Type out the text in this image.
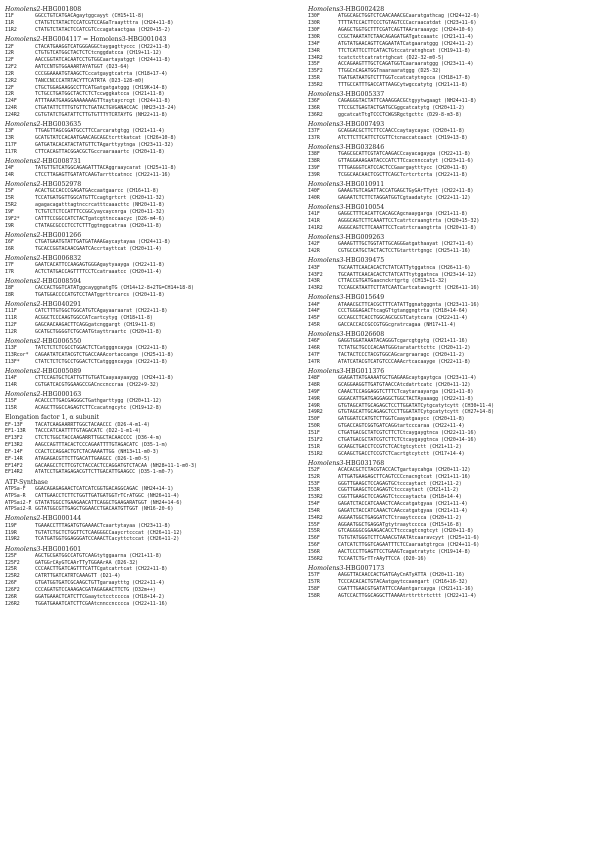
Homolens2-HBG001808
I1F	GGCCTGTCATGACAgaytggcayyt (CH15+11-8)
I1R	CTATGTCTATACTCCATCGTCCAGaTraaytttra (CH24+11-8)
I1R2	CTATGTCTATACTCCATCGTCccagataactgaa (CH20+15-2)
Homolens2-HBG004117 = Homolens3-HBG001043
I2F	CTACATGAAGGTCATGGGAGGCtaygagttyccc (CH22+11-8)
I2R	CTGTGTCATGGCTACTCTCtcnggdatcca (CH19+11-12)
I2F	AACCGGTATCACAATCCTGTGGCaartayatggt (CH24+11-8)
I2F2	AATCCNTGTGGAAARTAYATGGT (D23-64)
I2R	CCCGGAAAATGTAAGCTCccatgaygtcatrta (CH18+17-4)
I2R2	TANCCNCCCATRTACYTTCATRTA (D23-128-m0)
I2F	CTGCTGGAGAAGGCCTTCATGatgatgatggg (CH19K+14-8)
I2R	TCTGCCTGATGGCTACTCTCTccwggkatcca (CH21+11-8)
I24F	ATTTAAATGAAGGAAAAAAAGTTtaytaycrcgt (CH24+11-8)
I24R	CTGATATTCTTTGTGTTCTGATACTGVGANACCAC (NH23+13-24)
I24R2	CGTGTATCTGATATTCTTGTGTTTYTCRTAYTG (NH22+11-8)
Homolens2-HBG003635
I3F	TTGAGTTAGCGGATGCCTTCCarcaratgtgg (CH21+11-4)
I3R	GCATGTATCCACAATGAACAGCAGCtcrttkatcat (CH26+10-8)
I17F	GATGATACACATACTATGTTCTAgarttyytnga (CH23+11-32)
I17R	CTTCACAGTTACGGACGCTGccraaraaartc (CH20+11-8)
Homolens2-HBG008731
I4F	TATGTTGTCATGGCAGAGATTTACAggraaycarat (CH25+11-8)
I4R	CTCCTTAGAGTTGATATCAAGTarrttcatncc (CH22+11-16)
Homolens2-HBG052978
I5F	ACACTGCCACCCGAGATGAccaatgaarcc (CH16+11-8)
I5R	TCCATGATGGTTGGCATGTTCcagtgrtcrt (CH20+11-32)
I5R2	agagacagatttagtnccrcatttcaaacttc (NH20+11-8)
I9F	TCTGTCTCTCCATTTCCGGCyaycaycnrga (CH20+11-32)
I9F2*	CATTTCCGGCCATCTACTgatcgttnccaacyc (D26-m4-6)
I9R	CTATAGCGCCCTCCTCTTTggtnggcatraa (CH20+11-8)
Homolens2-HBG001266
I6F	CTGATGAATGTATTGATGATAAAGaycaytayaa (CH24+11-8)
I6R	TGCACCGGTACAACGAATCAccrtayttcat (CH20+11-4)
Homolens2-HBG006832
I7F	GAATCACATTCCAAGAGTGGGAgaytyaayga (CH22+11-8)
I7R	ACTCTATGACCAGTTTTCCTCcatraaatcc (CH20+11-4)
Homolens2-HBG008594
I8F	CACCACTGGTCATATggcayggnatgTG (CH14+12-8+2TG=CH14+18-8)
I8R	TGATGGACCCCATGTCCTAATggrttrcarcs (CH20+11-8)
Homolens2-HBG040291
I11F	CATCTTTGTGGCTGGCATGTCAgayaaraarat (CH22+11-8)
I11R	ACGGCTCCCAAGTGGCCATcartcytyg (CH18+11-8)
I12F	GAGCAACAAGACTTCAGGgatcnggargt (CH19+11-8)
I12R	GCATGCTGGGGTCTGCAATGtayttraartc (CH20+11-8)
Homolens2-HBG006550
I13F	TATCTCTCTCGCCTGGACTCTCatgggncayga (CH22+11-8)
I13Rcor*	CAGAATATCATACGTCTGACCAAAcortaccange (CH25+11-8)
I13F*	CTATCTCTCTGCCTGGACTCTCatgggncayga (CH22+11-8)
Homolens2-HBG005089
I14F	CTTCCAGTGCTCATTGTTGTGATCaayaayaaygg (CH24+11-8)
I14R	CGTGATCACGTGGAAGCCGACnccnccraa (CH22+9-32)
Homolens2-HBG000163
I15F	ACACCCTTGACGAGGGCTGathgarttygg (CH20+11-12)
I15R	ACAGCTTGGCCAGAGTCTTCcacatngcytc (CH19+12-8)
Elongation factor 1, α subunit
EF-13F	TACATCAAGAARRTTGGCTACAACCC (D26-4-m1-4)
EF1-13R	TACCCATCAATTTTGTAGACATC (D22-1-m1-4)
EF13F2	CTCTCTGGCTACCAAGARRTTGGCTACAACCCC (D36-4-m)
EF13R2	AAGCCAGTTTACACTCCCAGAATTTTGTAGACATC (D35-1-m)
EF-14F	CCACTCCAGGACTGTCTACAAAATTGG (NH13+11-m0-3)
EF-14R	ATAGAGACGTTCTTGACATTGAAGCC (D26-1-m0-5)
EF14F2	GACAAGCCTCTTCGTCTACCACTCCAGGATGTCTACAA (NH28+11-1-m0-3)
EF14R2	ATATCCTGATAGAGACGTTCTTGACATTGAAGCC (D35-1-m0-7)
ATP-Synthase
ATPSa-F	GGACAGAGAGAACTCATCATCGGTGACAGGCAGAC (NH24+14-1)
ATPSa-R	CATTGAACCTCTTCTGGTTGATGATGGTrTCrATGGC (NH26+11-4)
ATPSai2-F GTATATGGCCTGAAGAACATTCAGGCTGAAGARATGGT (NH24+14-6)
ATPSai2-R GGTATGGCGTTGAGCTGGAACCTGACAATGTTGGT (NH16-20-6)
Homolens2-HBG000144
I19F	TGAAACCTTTAGATGTGAAAACTcaartytayaa (CH23+11-8)
I19R	TGTATCTGCTCTGGTTCTCAAGGGCCaaycrtcccat (CH26+11-12)
I19R2	TCATGATGGTGGAGGGATCCAAACTCacyttctccat (CH26+11-2)
Homolens3-HBG001601
I25F	AGCTGCGATGGCCATGTCAAGtytggaarna (CH21+11-8)
I25F2	GATGGrCAyGTCAArTTyTGGAArAA (D26-32)
I25R	CCCAACTTGATCAGTTTCATTCgatcatrtcat (CH22+11-8)
I25R2	CATRTTGATCATRTCAAAGTT (D21-4)
I26F	GTGATGGTGATCGCAAGCTGTTgaraaytttg (CH22+11-4)
I26F2	CCCAGATGTCCAAAGACGATAGAGAACTTCTG (D32m++)
I26R	GGATGAAACTCATCTTCGaaytctcctcccca (CH18+14-2)
I26R2	TGGATGAAATCATCTTCGAAtcnnccncccca (CH22+11-16)
Homolens3-HBG002428
I30F	ATGGCAGCTGGTCTCAACAAACGCaaratgathcag (CH24+12-6)
I30R	TTTTATCCACTTCCCTGTAGTCCCacraacatdat (CH23+11-6)
I30F	AGAGCTGGTGCTTTCGATCAGTTAAraraaaygc (CH24+10-6)
I30R	CCGCTAAATATCTAACAGAGATGATgatcaaatc (CH21+11-4)
I34F	ATGTATGAACAGTTCAGAATATCatgaaratggg (CH24+11-2)
I34R	TTCTCATTCCTTCATACTGtccatratnghcat (CH19+11-8)
I34R2	tcatctcttcatratrtghcat (D22-32-m0-5)
I35F	ACCAGAAGTTTGCTCAGATGGTCaaraaratggg (CH23+11-4)
I35F2	TTGGCnCAGATGGTnaaraaratggg (D25-32)
I35R	TGATGATAATGTCTTTGGTccatcatytngcca (CH18+17-8)
I35R2	TTTGCCATTTGACCATTAAGCytwgccatytg (CH21+11-8)
Homolens3-HBG005337
I36F	CAGAGGGTACTATTCAAAGGACGCtgyytwgaagt (NH24+11-8)
I36R	TTCCGCTGAGTACTGATGCGggcatcatytg (CH20+11-2)
I36R2	ggcatcatTtgTCCCTCWGSRgctgcttc (D29-8-m3-8)
Homolens3-HBG007493
I37F	GCAGGACGCTTCTTCCAACCcaytaycayac (CH20+11-8)
I37R	ATCTTCTTCATTCTCGTTCtcnaccatcaact (CH19+13-8)
Homolens3-HBG032846
I38F	TGAGCGCATTCGTATCAAGACCcayacagayga (CH22+11-8)
I38R	GTTAGGAAAGAATACCCATCTTCcacnnccatyt (CH23+11-6)
I39F	TTTGAGGGTCATCCACTCCGaargaytttycc (CH20+11-8)
I39R	TCGGCAACAACTCGCTTCAGCTcrtcrtcrta (CH22+11-8)
Homolens3-HBG010911
I40F	GAAAGTGTCAGATTACCATGAGCTGyGArTTytt (CH22+11-8)
I40R	GAGAATCTCTTCTAGGATGGTCgtaadatytc (CH22+11-12)
Homolens3-HBG010054
I41F	GAGGCTTTCACATTCACAGCAgcnaaygarga (CH21+11-8)
I41R	AGGGCAGTCTTCAAATTCCTcatrtcraangtrta (CH20+15-32)
I41R2	AGGGCAGTCTTCAAATTCCTcatrtcraangtrta (CH20+11-8)
Homolens3-HBG009263
I42F	GAAAGTTTGCTGGTATTGCAGGGatgathaayat (CH27+11-6)
I42R	CGTGCCATGCTACTACTCCTGtarttrtgngc (CH25+11-16)
Homolens3-HBG039475
I43F	TGCAATTCAACACACTCTATCATTytggatnca (CH26+11-6)
I43F2	TGCAATTCAACACACTCTATCATTtytggatnca (CH23+14-12)
I43R	CTTACCGTGATGaacnckrtgrtg (CH13+11-32)
I43R2	TCCAGCATAATTCTTATCAATCartcatawsgrtt (CH26+11-16)
Homolens3-HBG015649
I44F	ATAAACGCTTCACGCTTTCATATTggnatgggnta (CH23+11-16)
I44F	CCCTGGGAGACTtcagGTtgtanggngtrta (CH18+14-64)
I45F	GCCAGCCTCACCTGGCAGCGCGTCatytcara (CH22+11-4)
I45R	GACCACCACCGCCGTGGcgratrcagaa (NH17+11-4)
Homolens3-HBG026608
I46F	GAGGTGGATAAATACAGGGTcgarcgtgytg (CH21+11-16)
I46R	TCTATGCTGCCCACAATGGGtaratarttcttc (CH20+11-2)
I47F	TACTACTCCCTACGTGGCAGcargraaragc (CH20+11-2)
I47R	ATATCATACGTCATGTCCCAAAcrtcacaayge (CH22+11-8)
Homolens3-HBG011376
I48F	GGAGATTATGAAAATGCTGAGAAGcaytgaytgca (CH23+11-4)
I48R	GCAGGAAGGTTGATGTAACCAtcdatrtcatc (CH20+11-12)
I49F	CAAACTCCAGGAGGTCTTTCTcaytaraayarga (CH21+11-8)
I49R	GGGACATTGATGAGGAGGCTGGCTACTAyaaagg (CH22+11-8)
I49R	GTGTAGCATTGCAGAGCTCCTTGGATATCytgcatytcytt (CH30+11-4)
I49R2	GTGTAGCATTGCAGAGCTCCTTGGATATCytgcatytcytt (CH27+14-8)
I50F	GATGGATCCATGTCTTGGTCaayatgaaycc (CH20+11-8)
I50R	GTGACCAGTCGGTGATCAGGtartcccaraa (CH22+11-4)
I51F	CTGATGACGCTATCGTCTTCTCtcaygaygtnca (CH22+11-16)
I51F2	CTGATGACGCTATCGTCTTCTCtcaygaygtnca (CH20+14-16)
I51R	GCAAGCTGACCTCCGTCTCACtgtcytctt (CH21+11-2)
I51R2	GCAAGCTGACCTCCGTCTCacrtgtcytctt (CH17+14-4)
Homolens3-HBG031768
I52F	ACACACGCTCTACGTACCACTgartaycahga (CH20+11-12)
I52R	ATTGATGAAGAGCTTCAGTCCCcnacngtcat (CH21+11-16)
I53F	GGGTTGAAGCTCCAGAGTGCtcccaytact (CH21+11-2)
I53R	CGGTTGAAGCTCCAGAGTCtcccaytact (CH21+11-2)
I53R2	CGGTTGAAGCTCCAGAGTCtcccaytacta (CH18+14-4)
I54F	GAGATCTACCATCAAACTCAAccatgatgyaa (CH21+11-4)
I54R	GAGATCTACCATCAAACTCAAccatgatgyaa (CH21+11-4)
I54R2	AGGAATGGCTGAGGATCTCtraaytcccca (CH20+11-2)
I55F	AGGAATGGCTGAGGATgtytraaytcccca (CH15+16-8)
I55R	GTCAGGGGCGGAAGACACCTtcccagtcngtcyt (CH20+11-8)
I56F	TGTGTATGGGTCTTCAAACGTAATAtcaaravcyyt (CH25+11-6)
I56F	CATCATCTTGGTCAGAATTTCTCCaaraatgtrgca (CH24+11-6)
I56R	AACTCCCTTGAGTTCCTGAAGTcagatratytc (CH19+14-8)
I56R2	TCCAATCTGrTTrAAyTTCCA (D20-16)
Homolens3-HBG007173
I57F	AAGGTTACAACCACTGATGAyCnATyATTA (CH20+11-16)
I57R	TCCCACACACTGTACAatgaytccaangart (CH16+16-32)
I58F	CGATTTGAACGTGATATTCCAAantgarcayga (CH21+11-16)
I58R	AGTCCACTTGGCAGGCTTAAAAtrttrttrtcttt (CH22+11-4)
